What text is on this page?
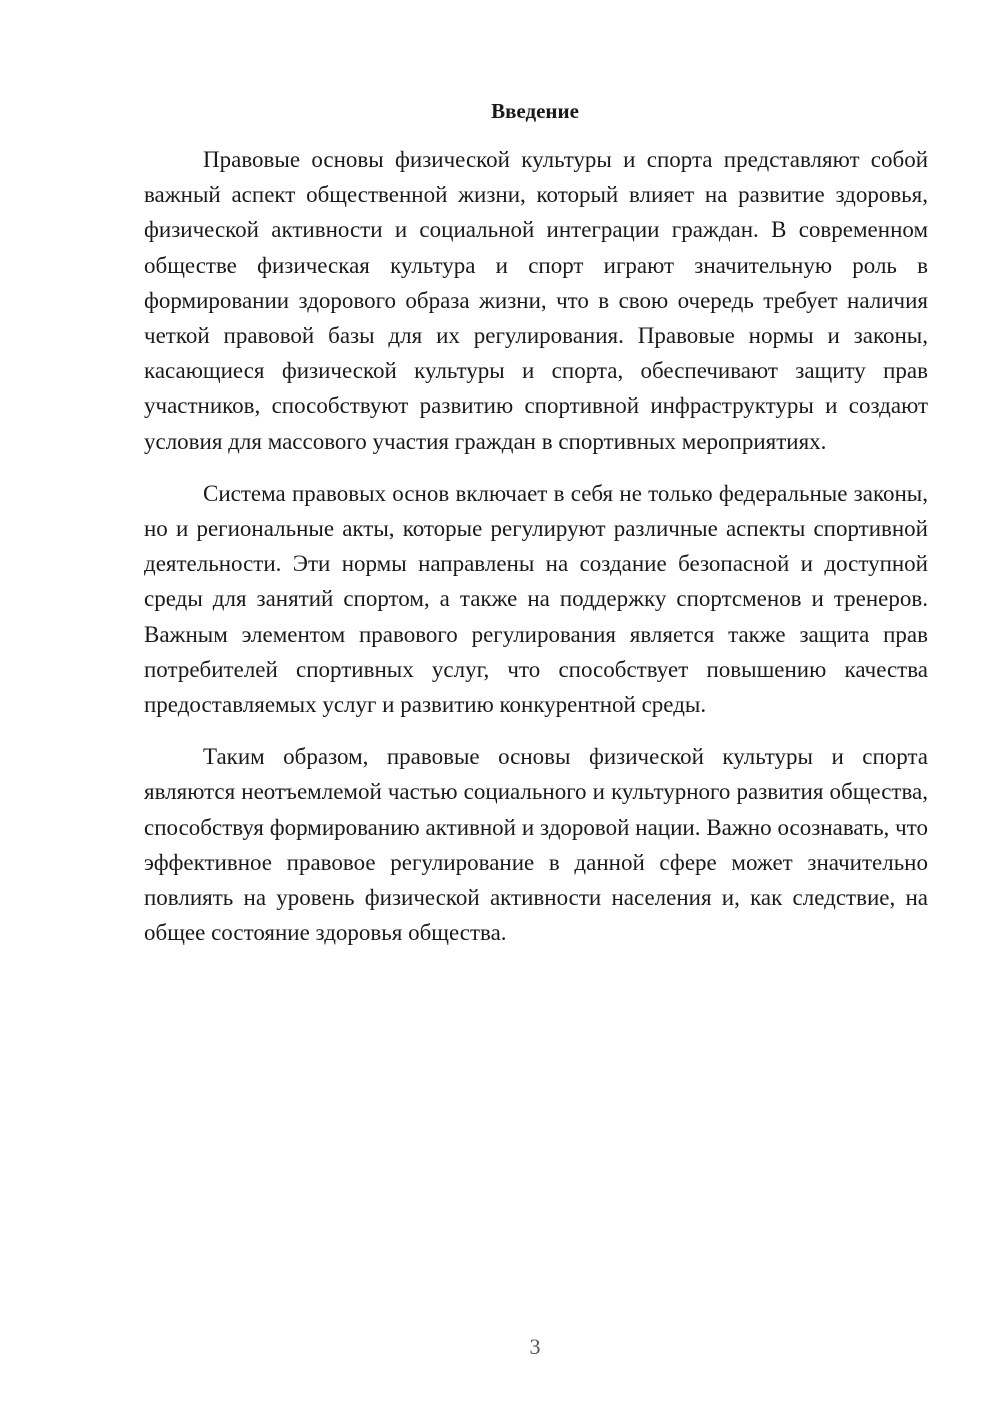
Введение

Правовые основы физической культуры и спорта представляют собой важный аспект общественной жизни, который влияет на развитие здоровья, физической активности и социальной интеграции граждан. В современном обществе физическая культура и спорт играют значительную роль в формировании здорового образа жизни, что в свою очередь требует наличия четкой правовой базы для их регулирования. Правовые нормы и законы, касающиеся физической культуры и спорта, обеспечивают защиту прав участников, способствуют развитию спортивной инфраструктуры и создают условия для массового участия граждан в спортивных мероприятиях.

Система правовых основ включает в себя не только федеральные законы, но и региональные акты, которые регулируют различные аспекты спортивной деятельности. Эти нормы направлены на создание безопасной и доступной среды для занятий спортом, а также на поддержку спортсменов и тренеров. Важным элементом правового регулирования является также защита прав потребителей спортивных услуг, что способствует повышению качества предоставляемых услуг и развитию конкурентной среды.

Таким образом, правовые основы физической культуры и спорта являются неотъемлемой частью социального и культурного развития общества, способствуя формированию активной и здоровой нации. Важно осознавать, что эффективное правовое регулирование в данной сфере может значительно повлиять на уровень физической активности населения и, как следствие, на общее состояние здоровья общества.

3
